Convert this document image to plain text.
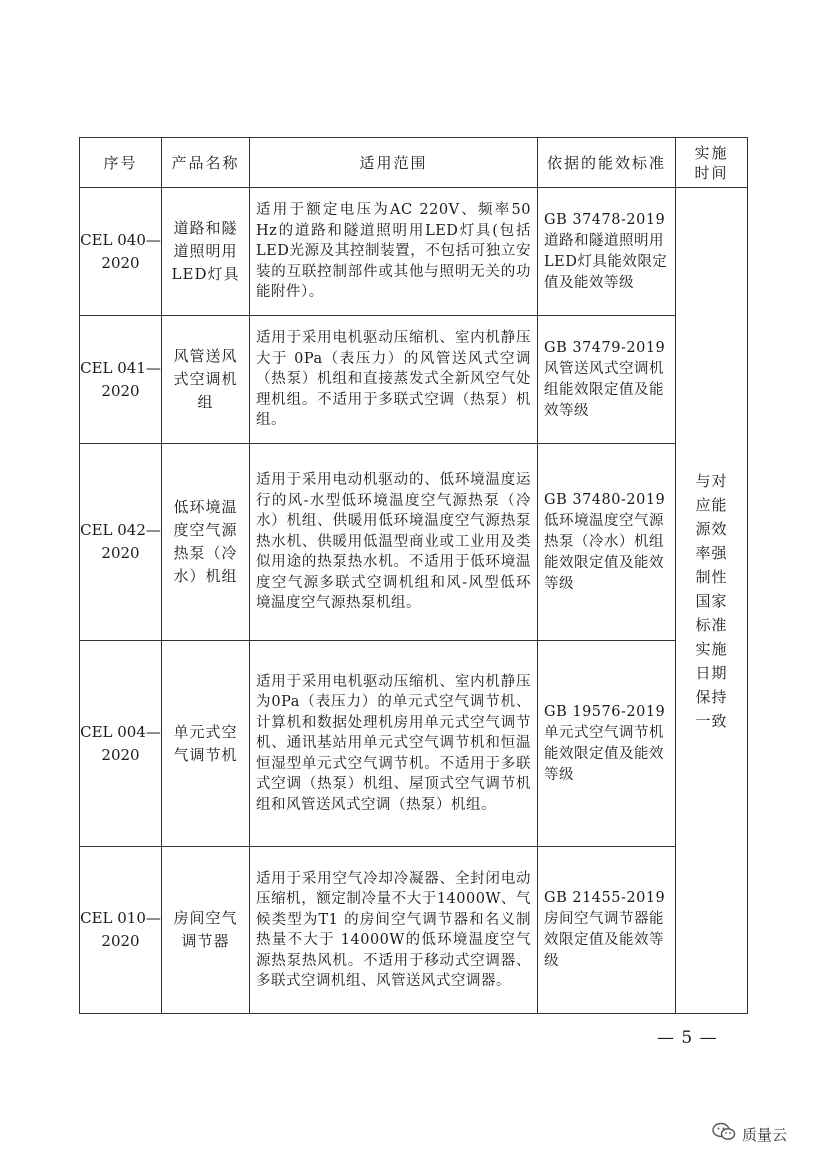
序号	产品名称	适用范围	依据的能效标准	实施时间
CEL 040—2020	道路和隧道照明用LED灯具	适用于额定电压为AC 220V、频率50 Hz的道路和隧道照明用LED灯具(包括LED光源及其控制装置，不包括可独立安装的互联控制部件或其他与照明无关的功能附件）。	GB 37478-2019 道路和隧道照明用LED灯具能效限定值及能效等级	与对应能源效率强制性国家标准实施日期保持一致
CEL 041—2020	风管送风式空调机组	适用于采用电机驱动压缩机、室内机静压大于 0Pa（表压力）的风管送风式空调（热泵）机组和直接蒸发式全新风空气处理机组。不适用于多联式空调（热泵）机组。	GB 37479-2019 风管送风式空调机组能效限定值及能效等级	
CEL 042—2020	低环境温度空气源热泵（冷水）机组	适用于采用电动机驱动的、低环境温度运行的风-水型低环境温度空气源热泵（冷水）机组、供暖用低环境温度空气源热泵热水机、供暖用低温型商业或工业用及类似用途的热泵热水机。不适用于低环境温度空气源多联式空调机组和风-风型低环境温度空气源热泵机组。	GB 37480-2019 低环境温度空气源热泵（冷水）机组能效限定值及能效等级	
CEL 004—2020	单元式空气调节机	适用于采用电机驱动压缩机、室内机静压为0Pa（表压力）的单元式空气调节机、计算机和数据处理机房用单元式空气调节机、通讯基站用单元式空气调节机和恒温恒湿型单元式空气调节机。不适用于多联式空调（热泵）机组、屋顶式空气调节机组和风管送风式空调（热泵）机组。	GB 19576-2019 单元式空气调节机能效限定值及能效等级	
CEL 010—2020	房间空气调节器	适用于采用空气冷却冷凝器、全封闭电动压缩机，额定制冷量不大于14000W、气候类型为T1 的房间空气调节器和名义制热量不大于 14000W的低环境温度空气源热泵热风机。不适用于移动式空调器、多联式空调机组、风管送风式空调器。	GB 21455-2019 房间空气调节器能效限定值及能效等级	
— 5 —
质量云
